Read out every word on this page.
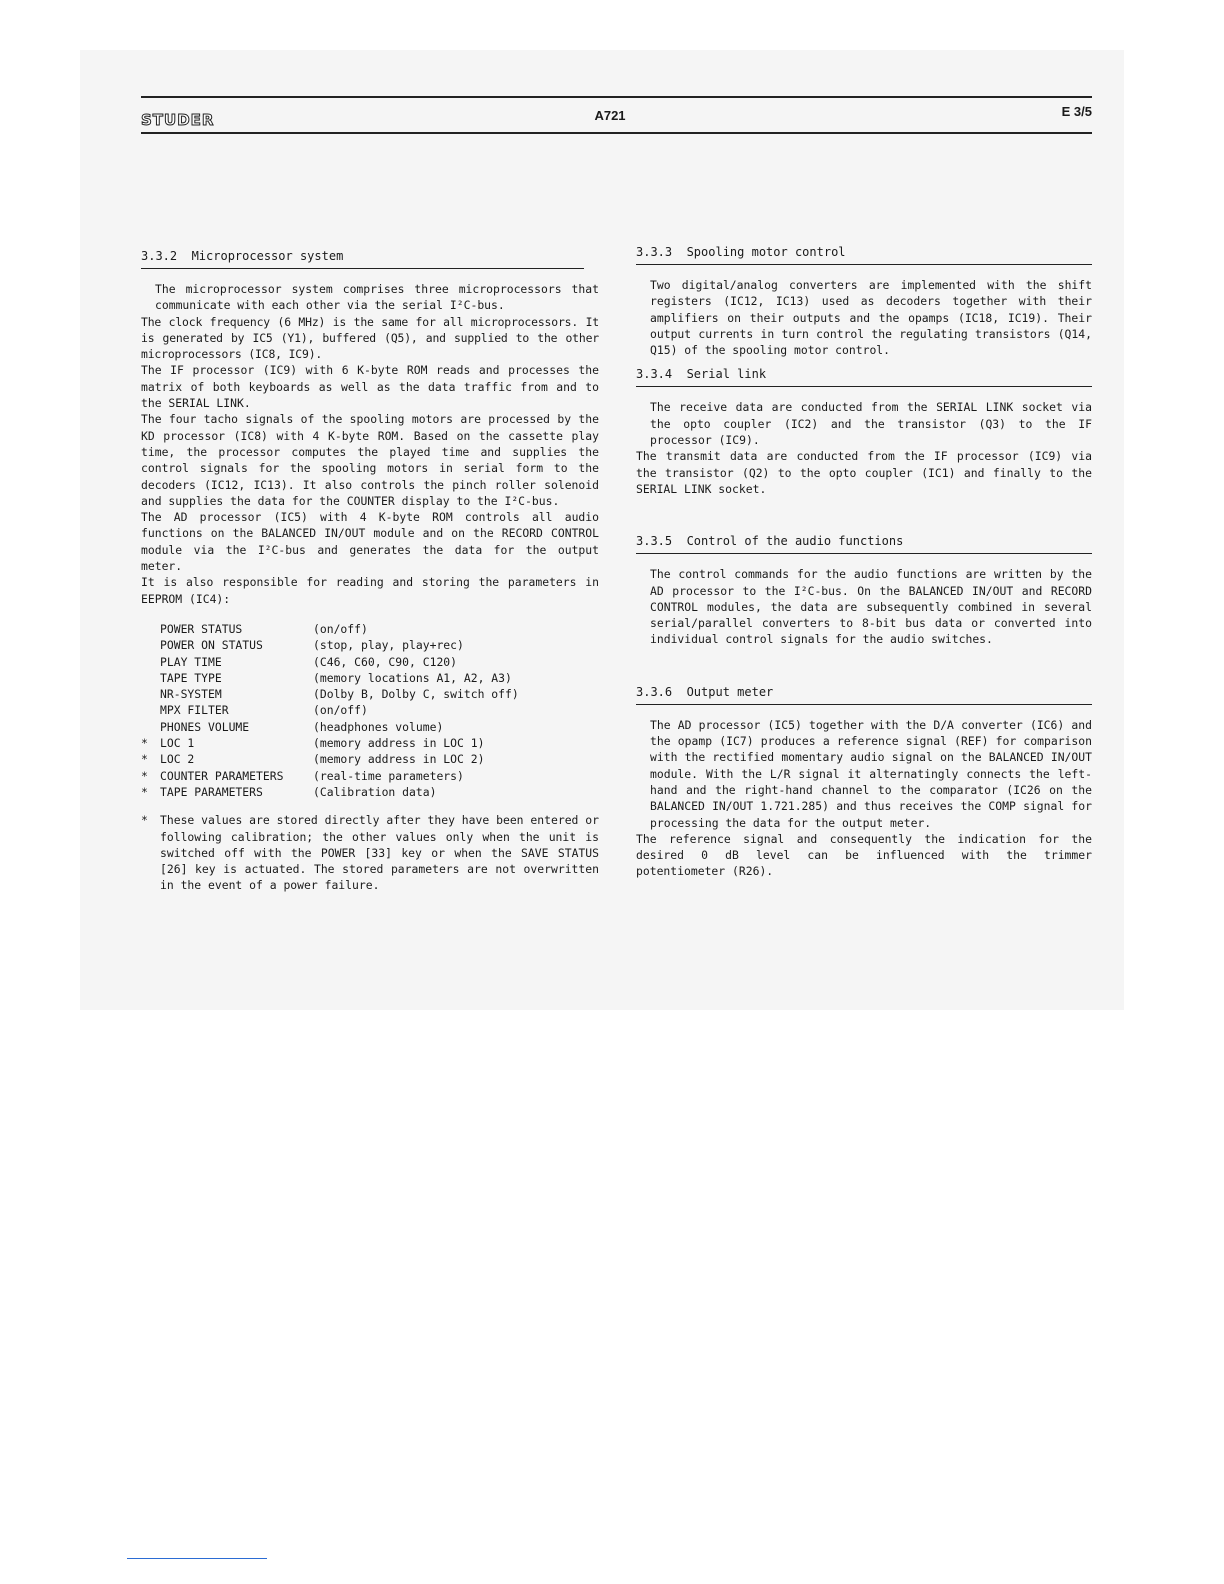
STUDER	A721	E 3/5
3.3.2  Microprocessor system

The microprocessor system comprises three microprocessors that communicate with each other via the serial I²C-bus.

The clock frequency (6 MHz) is the same for all microprocessors. It is generated by IC5 (Y1), buffered (Q5), and supplied to the other microprocessors (IC8, IC9).

The IF processor (IC9) with 6 K-byte ROM reads and processes the matrix of both keyboards as well as the data traffic from and to the SERIAL LINK.

The four tacho signals of the spooling motors are processed by the KD processor (IC8) with 4 K-byte ROM. Based on the cassette play time, the processor computes the played time and supplies the control signals for the spooling motors in serial form to the decoders (IC12, IC13). It also controls the pinch roller solenoid and supplies the data for the COUNTER display to the I²C-bus.

The AD processor (IC5) with 4 K-byte ROM controls all audio functions on the BALANCED IN/OUT module and on the RECORD CONTROL module via the I²C-bus and generates the data for the output meter.

It is also responsible for reading and storing the parameters in EEPROM (IC4):

POWER STATUS	(on/off)
POWER ON STATUS	(stop, play, play+rec)
PLAY TIME	(C46, C60, C90, C120)
TAPE TYPE	(memory locations A1, A2, A3)
NR-SYSTEM	(Dolby B, Dolby C, switch off)
MPX FILTER	(on/off)
PHONES VOLUME	(headphones volume)
*	LOC 1	(memory address in LOC 1)
*	LOC 2	(memory address in LOC 2)
*	COUNTER PARAMETERS	(real-time parameters)
*	TAPE PARAMETERS	(Calibration data)
*	These values are stored directly after they have been entered or following calibration; the other values only when the unit is switched off with the POWER [33] key or when the SAVE STATUS [26] key is actuated. The stored parameters are not overwritten in the event of a power failure.
3.3.3  Spooling motor control

Two digital/analog converters are implemented with the shift registers (IC12, IC13) used as decoders together with their amplifiers on their outputs and the opamps (IC18, IC19). Their output currents in turn control the regulating transistors (Q14, Q15) of the spooling motor control.

3.3.4  Serial link

The receive data are conducted from the SERIAL LINK socket via the opto coupler (IC2) and the transistor (Q3) to the IF processor (IC9).

The transmit data are conducted from the IF processor (IC9) via the transistor (Q2) to the opto coupler (IC1) and finally to the SERIAL LINK socket.

3.3.5  Control of the audio functions

The control commands for the audio functions are written by the AD processor to the I²C-bus. On the BALANCED IN/OUT and RECORD CONTROL modules, the data are subsequently combined in several serial/parallel converters to 8-bit bus data or converted into individual control signals for the audio switches.

3.3.6  Output meter

The AD processor (IC5) together with the D/A converter (IC6) and the opamp (IC7) produces a reference signal (REF) for comparison with the rectified momentary audio signal on the BALANCED IN/OUT module. With the L/R signal it alternatingly connects the left-hand and the right-hand channel to the comparator (IC26 on the BALANCED IN/OUT 1.721.285) and thus receives the COMP signal for processing the data for the output meter.

The reference signal and consequently the indication for the desired 0 dB level can be influenced with the trimmer potentiometer (R26).
